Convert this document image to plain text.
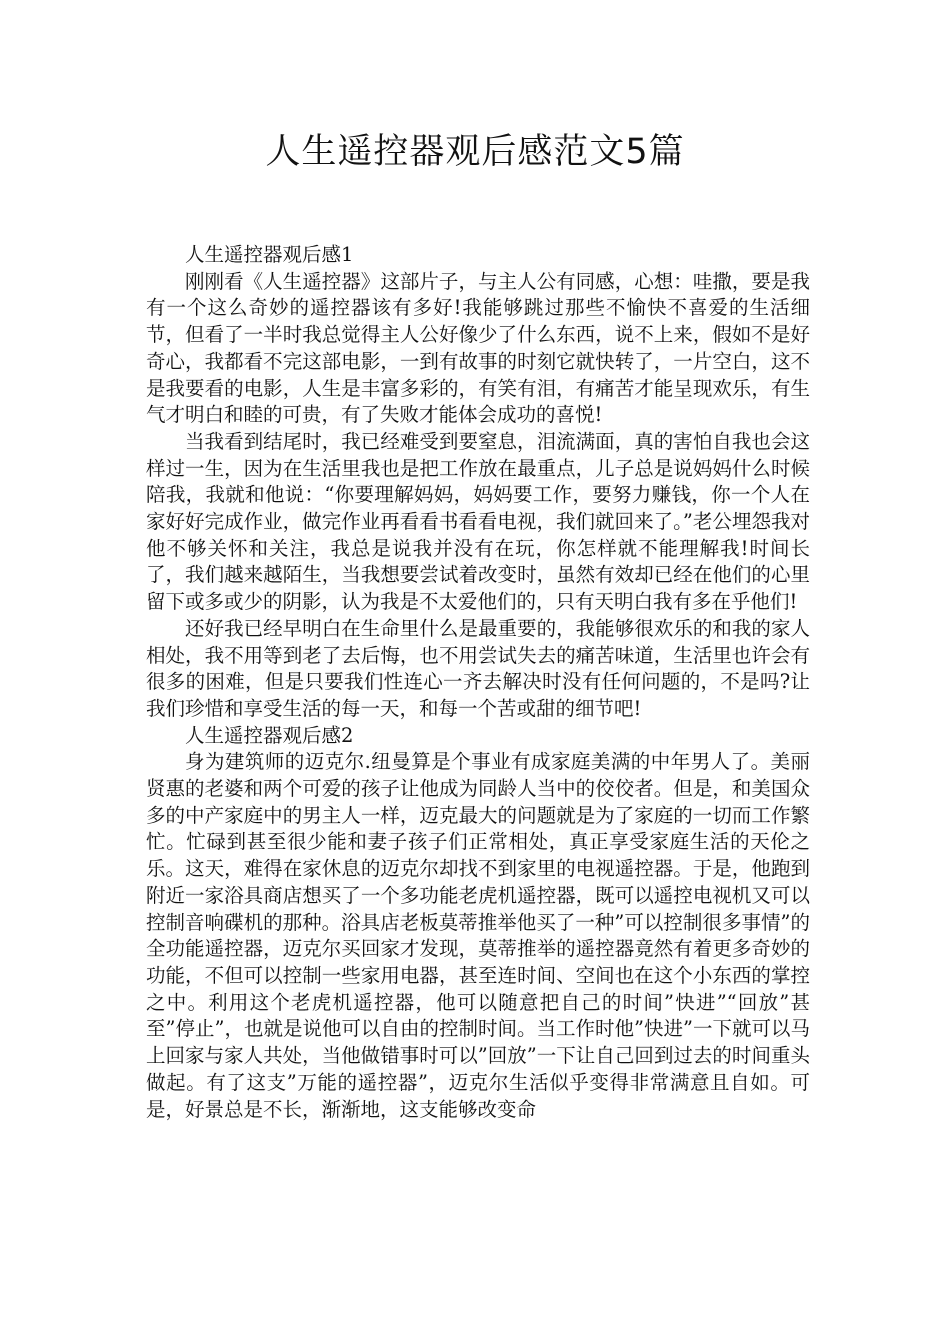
人生遥控器观后感范文5篇
人生遥控器观后感1

刚刚看《人生遥控器》这部片子，与主人公有同感，心想：哇撒，要是我有一个这么奇妙的遥控器该有多好!我能够跳过那些不愉快不喜爱的生活细节，但看了一半时我总觉得主人公好像少了什么东西，说不上来，假如不是好奇心，我都看不完这部电影，一到有故事的时刻它就快转了，一片空白，这不是我要看的电影，人生是丰富多彩的，有笑有泪，有痛苦才能呈现欢乐，有生气才明白和睦的可贵，有了失败才能体会成功的喜悦!

当我看到结尾时，我已经难受到要窒息，泪流满面，真的害怕自我也会这样过一生，因为在生活里我也是把工作放在最重点，儿子总是说妈妈什么时候陪我，我就和他说：“你要理解妈妈，妈妈要工作，要努力赚钱，你一个人在家好好完成作业，做完作业再看看书看看电视，我们就回来了。”老公埋怨我对他不够关怀和关注，我总是说我并没有在玩，你怎样就不能理解我!时间长了，我们越来越陌生，当我想要尝试着改变时，虽然有效却已经在他们的心里留下或多或少的阴影，认为我是不太爱他们的，只有天明白我有多在乎他们!

还好我已经早明白在生命里什么是最重要的，我能够很欢乐的和我的家人相处，我不用等到老了去后悔，也不用尝试失去的痛苦味道，生活里也许会有很多的困难，但是只要我们性连心一齐去解决时没有任何问题的，不是吗?让我们珍惜和享受生活的每一天，和每一个苦或甜的细节吧!

人生遥控器观后感2

身为建筑师的迈克尔.纽曼算是个事业有成家庭美满的中年男人了。美丽贤惠的老婆和两个可爱的孩子让他成为同龄人当中的佼佼者。但是，和美国众多的中产家庭中的男主人一样，迈克最大的问题就是为了家庭的一切而工作繁忙。忙碌到甚至很少能和妻子孩子们正常相处，真正享受家庭生活的天伦之乐。这天，难得在家休息的迈克尔却找不到家里的电视遥控器。于是，他跑到附近一家浴具商店想买了一个多功能老虎机遥控器，既可以遥控电视机又可以控制音响碟机的那种。浴具店老板莫蒂推举他买了一种”可以控制很多事情”的全功能遥控器，迈克尔买回家才发现，莫蒂推举的遥控器竟然有着更多奇妙的功能，不但可以控制一些家用电器，甚至连时间、空间也在这个小东西的掌控之中。利用这个老虎机遥控器，他可以随意把自己的时间”快进”“回放”甚至”停止”，也就是说他可以自由的控制时间。当工作时他”快进”一下就可以马上回家与家人共处，当他做错事时可以”回放”一下让自己回到过去的时间重头做起。有了这支”万能的遥控器”，迈克尔生活似乎变得非常满意且自如。可是，好景总是不长，渐渐地，这支能够改变命
